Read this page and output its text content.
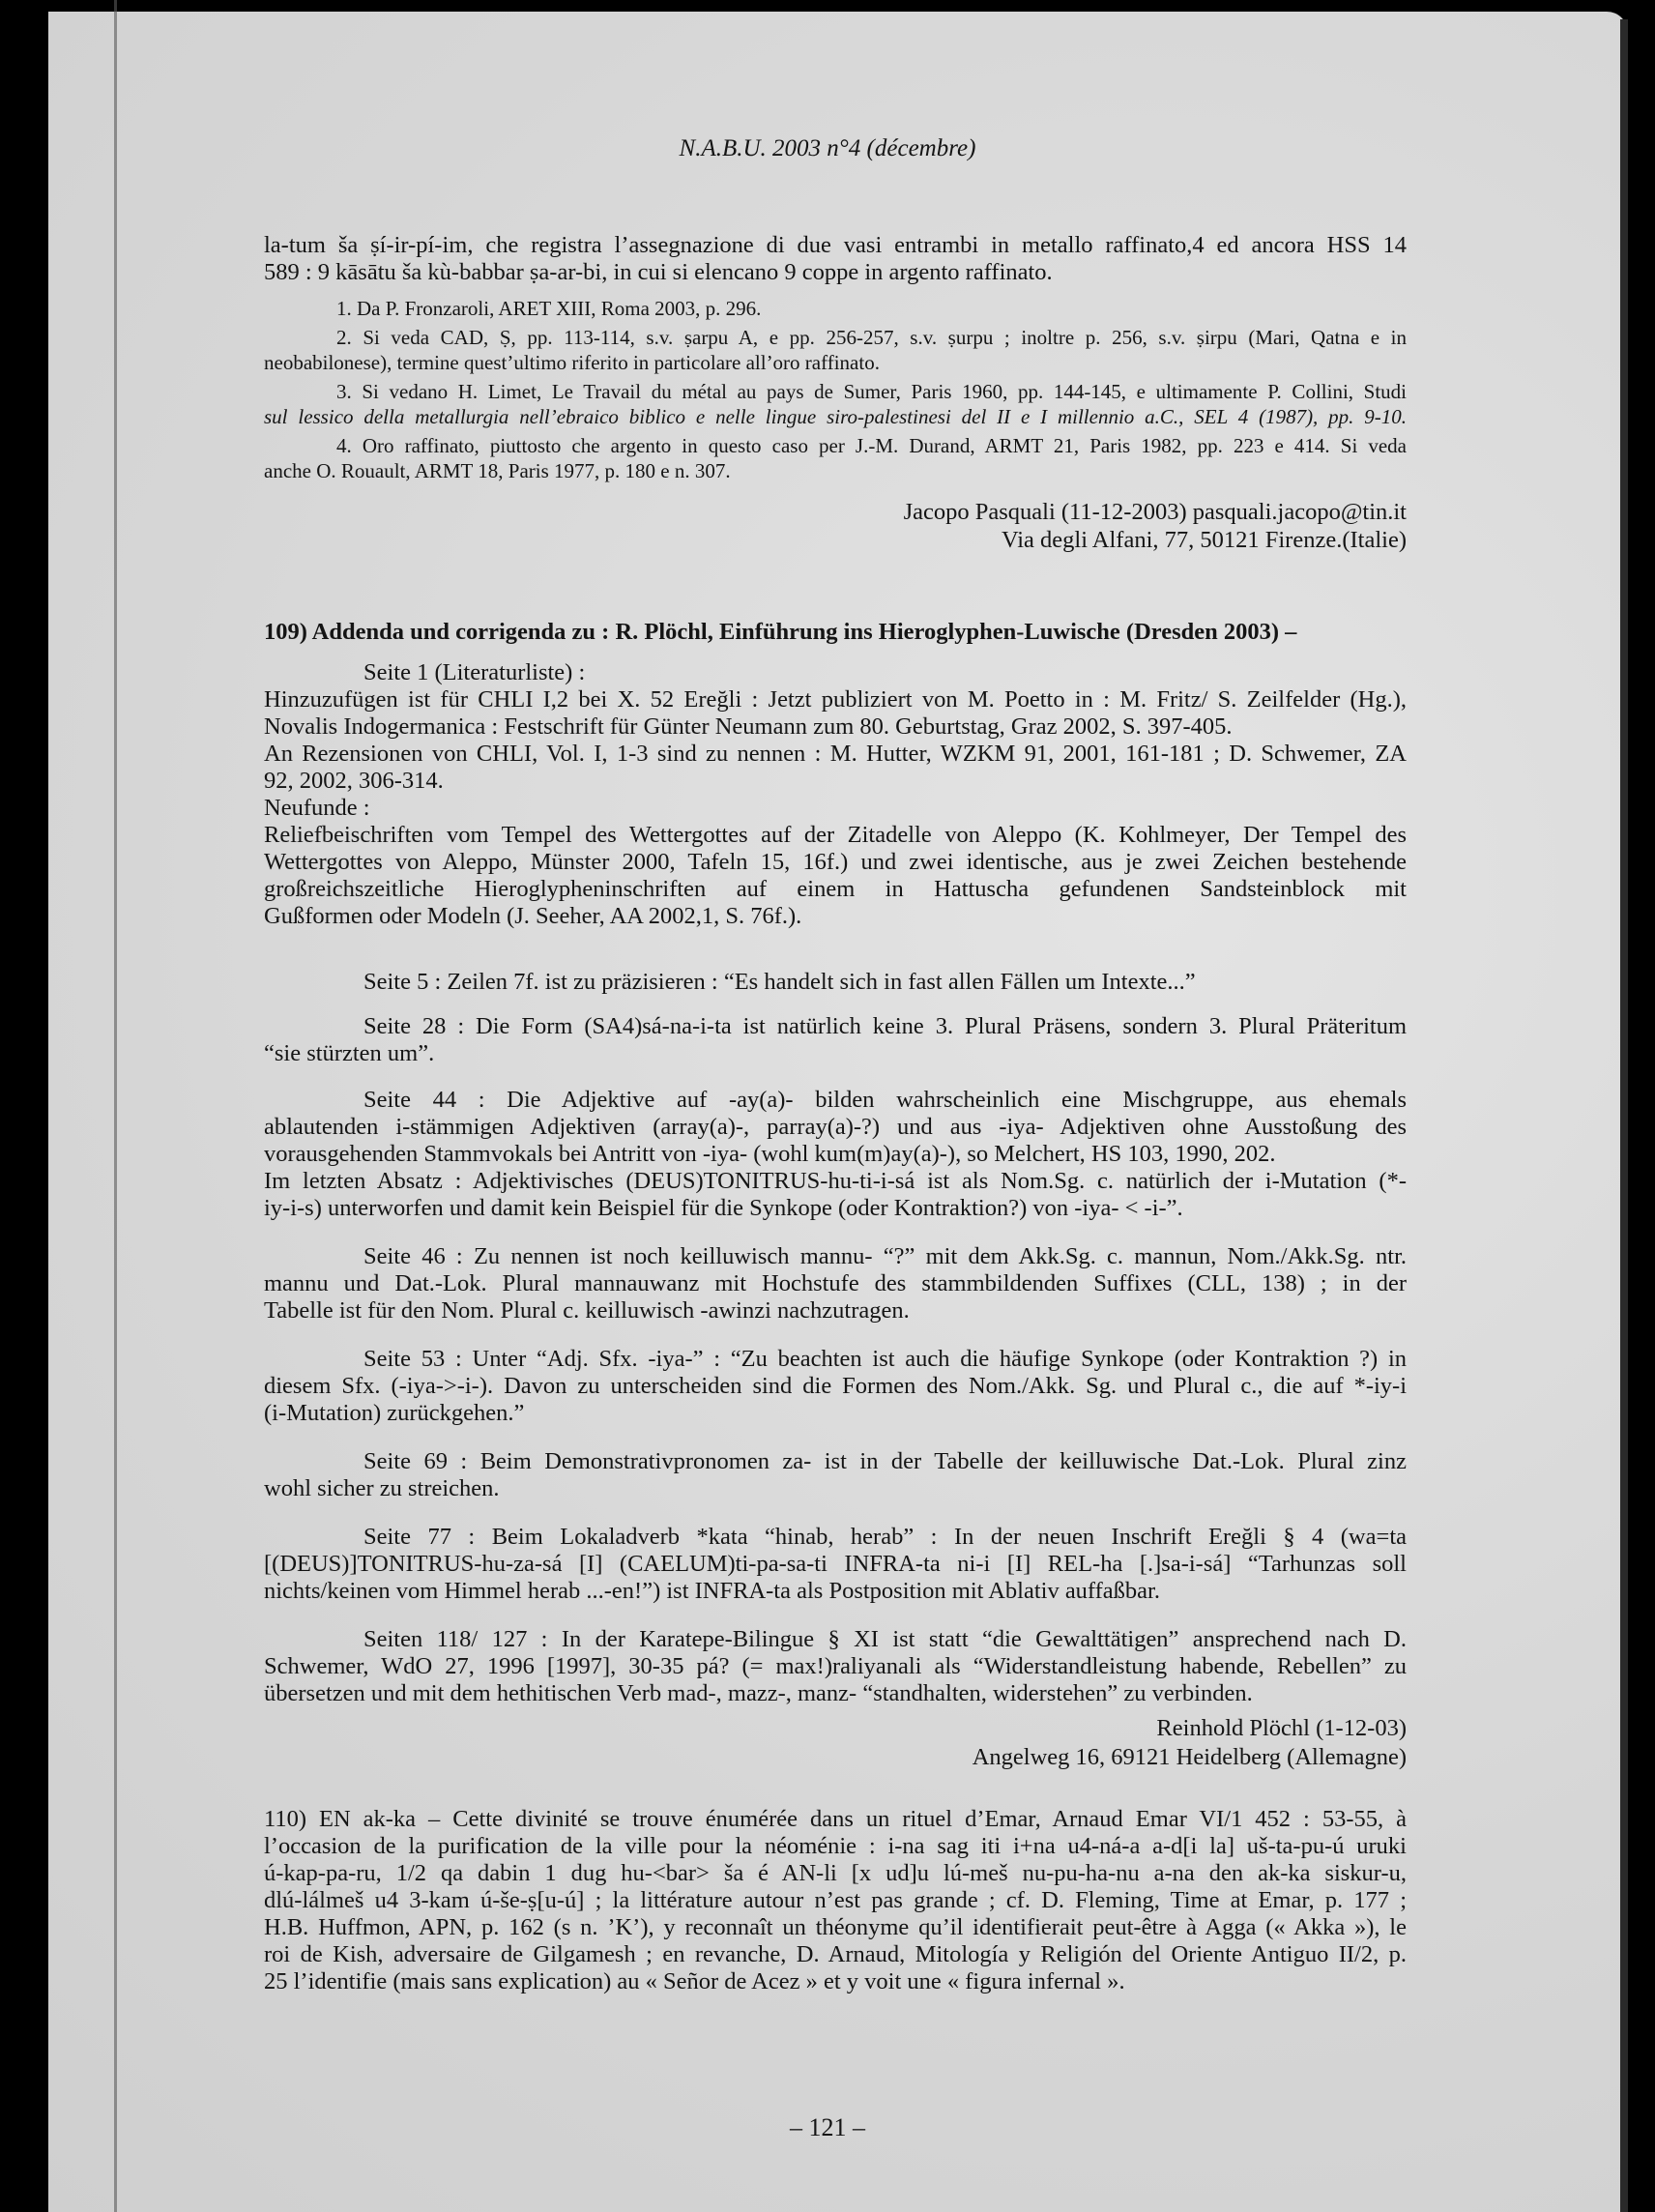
N.A.B.U. 2003 n°4 (décembre)
la-tum ša ṣí-ir-pí-im, che registra l’assegnazione di due vasi entrambi in metallo raffinato,4 ed ancora HSS 14
589 : 9 kāsātu ša kù-babbar ṣa-ar-bi, in cui si elencano 9 coppe in argento raffinato.
1. Da P. Fronzaroli, ARET XIII, Roma 2003, p. 296.
2. Si veda CAD, Ṣ, pp. 113-114, s.v. ṣarpu A, e pp. 256-257, s.v. ṣurpu ; inoltre p. 256, s.v. ṣirpu (Mari, Qatna e in
neobabilonese), termine quest’ultimo riferito in particolare all’oro raffinato.
3. Si vedano H. Limet, Le Travail du métal au pays de Sumer, Paris 1960, pp. 144-145, e ultimamente P. Collini, Studi
sul lessico della metallurgia nell’ebraico biblico e nelle lingue siro-palestinesi del II e I millennio a.C., SEL 4 (1987), pp. 9-10.
4. Oro raffinato, piuttosto che argento in questo caso per J.-M. Durand, ARMT 21, Paris 1982, pp. 223 e 414. Si veda
anche O. Rouault, ARMT 18, Paris 1977, p. 180 e n. 307.
Jacopo Pasquali (11-12-2003) pasquali.jacopo@tin.it
Via degli Alfani, 77, 50121 Firenze.(Italie)
109) Addenda und corrigenda zu : R. Plöchl, Einführung ins Hieroglyphen-Luwische (Dresden 2003) –
Seite 1 (Literaturliste) :
Hinzuzufügen ist für CHLI I,2 bei X. 52 Ereğli : Jetzt publiziert von M. Poetto in : M. Fritz/ S. Zeilfelder (Hg.),
Novalis Indogermanica : Festschrift für Günter Neumann zum 80. Geburtstag, Graz 2002, S. 397-405.
An Rezensionen von CHLI, Vol. I, 1-3 sind zu nennen : M. Hutter, WZKM 91, 2001, 161-181 ; D. Schwemer, ZA
92, 2002, 306-314.
Neufunde :
Reliefbeischriften vom Tempel des Wettergottes auf der Zitadelle von Aleppo (K. Kohlmeyer, Der Tempel des
Wettergottes von Aleppo, Münster 2000, Tafeln 15, 16f.) und zwei identische, aus je zwei Zeichen bestehende
großreichszeitliche Hieroglypheninschriften auf einem in Hattuscha gefundenen Sandsteinblock mit
Gußformen oder Modeln (J. Seeher, AA 2002,1, S. 76f.).
Seite 5 : Zeilen 7f. ist zu präzisieren : “Es handelt sich in fast allen Fällen um Intexte...”
Seite 28 : Die Form (SA4)sá-na-i-ta ist natürlich keine 3. Plural Präsens, sondern 3. Plural Präteritum
“sie stürzten um”.
Seite 44 : Die Adjektive auf -ay(a)- bilden wahrscheinlich eine Mischgruppe, aus ehemals
ablautenden i-stämmigen Adjektiven (array(a)-, parray(a)-?) und aus -iya- Adjektiven ohne Ausstoßung des
vorausgehenden Stammvokals bei Antritt von -iya- (wohl kum(m)ay(a)-), so Melchert, HS 103, 1990, 202.
Im letzten Absatz : Adjektivisches (DEUS)TONITRUS-hu-ti-i-sá ist als Nom.Sg. c. natürlich der i-Mutation (*-
iy-i-s) unterworfen und damit kein Beispiel für die Synkope (oder Kontraktion?) von -iya- < -i-”.
Seite 46 : Zu nennen ist noch keilluwisch mannu- “?” mit dem Akk.Sg. c. mannun, Nom./Akk.Sg. ntr.
mannu und Dat.-Lok. Plural mannauwanz mit Hochstufe des stammbildenden Suffixes (CLL, 138) ; in der
Tabelle ist für den Nom. Plural c. keilluwisch -awinzi nachzutragen.
Seite 53 : Unter “Adj. Sfx. -iya-” : “Zu beachten ist auch die häufige Synkope (oder Kontraktion ?) in
diesem Sfx. (-iya->-i-). Davon zu unterscheiden sind die Formen des Nom./Akk. Sg. und Plural c., die auf *-iy-i
(i-Mutation) zurückgehen.”
Seite 69 : Beim Demonstrativpronomen za- ist in der Tabelle der keilluwische Dat.-Lok. Plural zinz
wohl sicher zu streichen.
Seite 77 : Beim Lokaladverb *kata “hinab, herab” : In der neuen Inschrift Ereğli § 4 (wa=ta
[(DEUS)]TONITRUS-hu-za-sá [I] (CAELUM)ti-pa-sa-ti INFRA-ta ni-i [I] REL-ha [.]sa-i-sá] “Tarhunzas soll
nichts/keinen vom Himmel herab ...-en!”) ist INFRA-ta als Postposition mit Ablativ auffaßbar.
Seiten 118/ 127 : In der Karatepe-Bilingue § XI ist statt “die Gewalttätigen” ansprechend nach D.
Schwemer, WdO 27, 1996 [1997], 30-35 pá? (= max!)raliyanali als “Widerstandleistung habende, Rebellen” zu
übersetzen und mit dem hethitischen Verb mad-, mazz-, manz- “standhalten, widerstehen” zu verbinden.
Reinhold Plöchl (1-12-03)
Angelweg 16, 69121 Heidelberg (Allemagne)
110) EN ak-ka – Cette divinité se trouve énumérée dans un rituel d’Emar, Arnaud Emar VI/1 452 : 53-55, à
l’occasion de la purification de la ville pour la néoménie : i-na sag iti i+na u4-ná-a a-d[i la] uš-ta-pu-ú uruki
ú-kap-pa-ru, 1/2 qa dabin 1 dug hu-<bar> ša é AN-li [x ud]u lú-meš nu-pu-ha-nu a-na den ak-ka siskur-u,
dlú-lálmeš u4 3-kam ú-še-ṣ[u-ú] ; la littérature autour n’est pas grande ; cf. D. Fleming, Time at Emar, p. 177 ;
H.B. Huffmon, APN, p. 162 (s n. ’K’), y reconnaît un théonyme qu’il identifierait peut-être à Agga (« Akka »), le
roi de Kish, adversaire de Gilgamesh ; en revanche, D. Arnaud, Mitología y Religión del Oriente Antiguo II/2, p.
25 l’identifie (mais sans explication) au « Señor de Acez » et y voit une « figura infernal ».
– 121 –
